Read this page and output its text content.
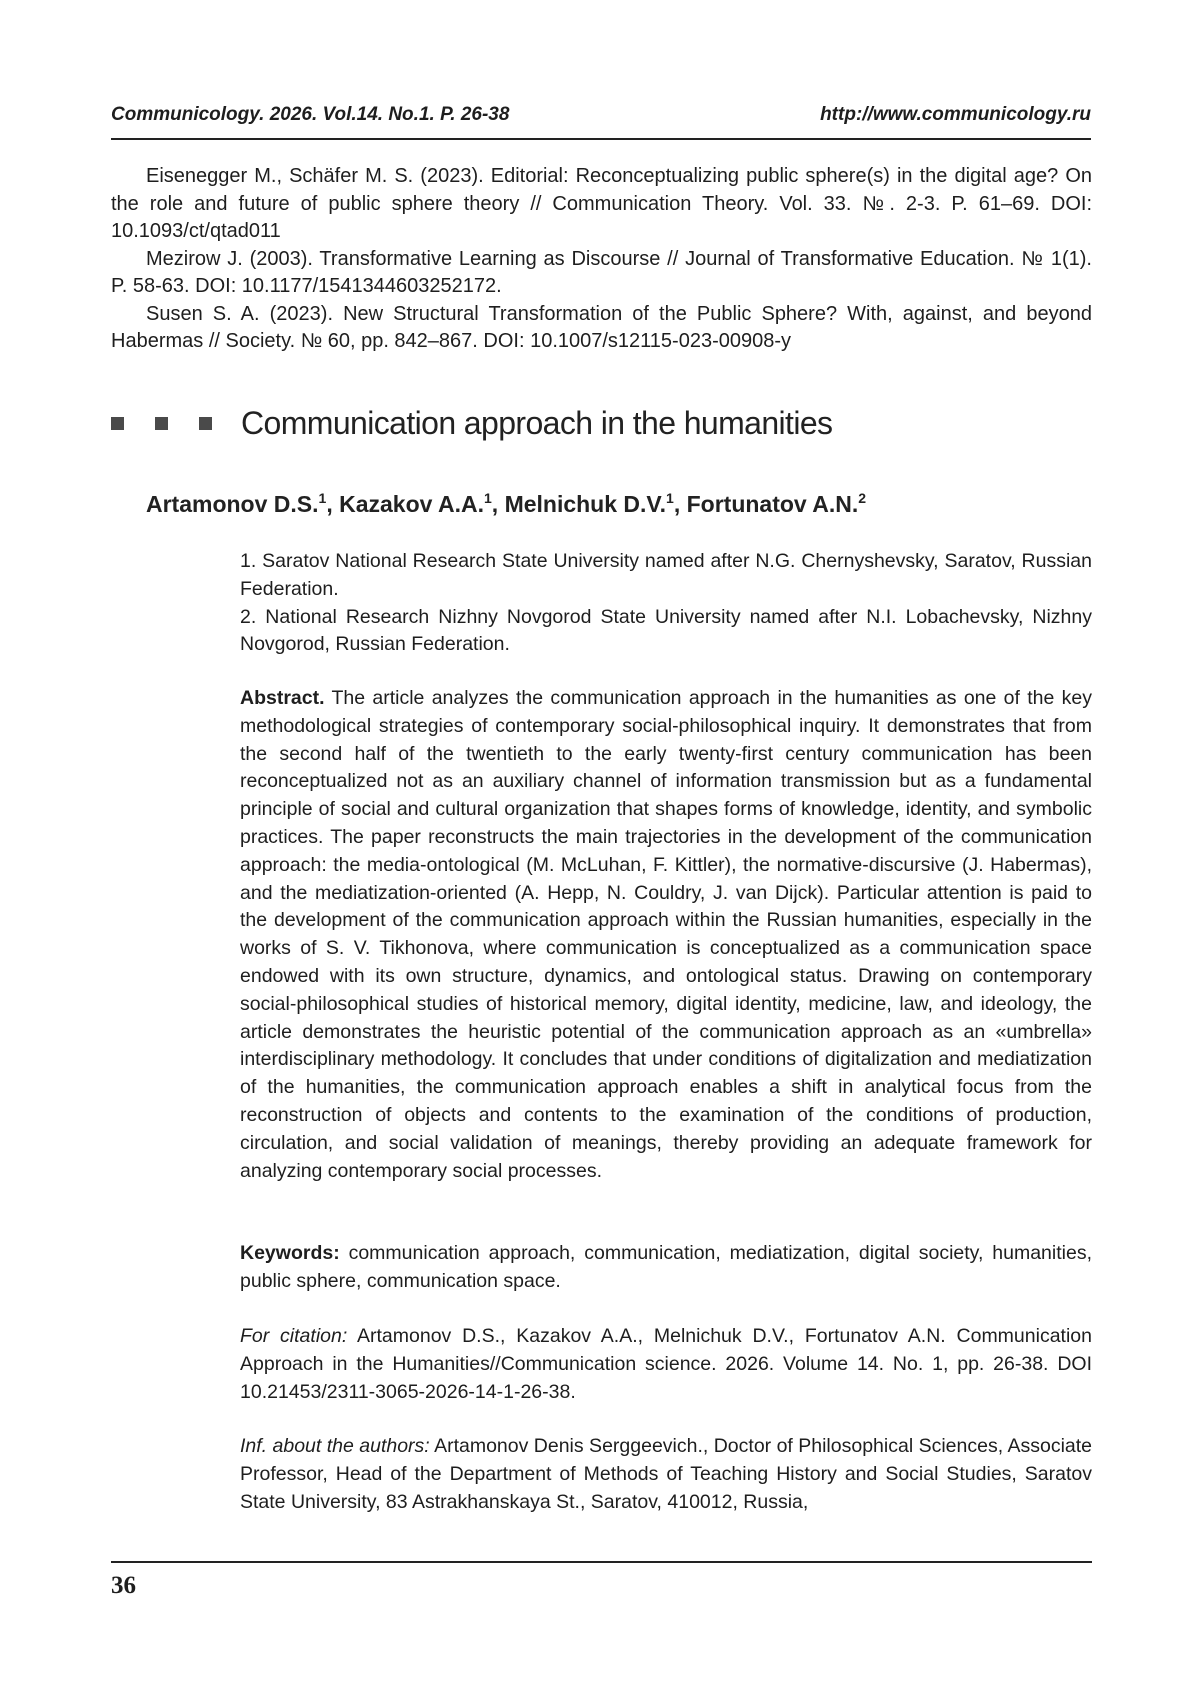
Communicology. 2026. Vol.14. No.1. P. 26-38	http://www.communicology.ru

Eisenegger M., Schäfer M. S. (2023). Editorial: Reconceptualizing public sphere(s) in the digital age? On the role and future of public sphere theory // Communication Theory. Vol. 33. №. 2-3. P. 61–69. DOI: 10.1093/ct/qtad011

Mezirow J. (2003). Transformative Learning as Discourse // Journal of Transformative Education. № 1(1). P. 58-63. DOI: 10.1177/1541344603252172.

Susen S. A. (2023). New Structural Transformation of the Public Sphere? With, against, and beyond Habermas // Society. № 60, pp. 842–867. DOI: 10.1007/s12115-023-00908-y

Communication approach in the humanities
Artamonov D.S.$^1$, Kazakov A.A.$^1$, Melnichuk D.V.$^1$, Fortunatov A.N.$^2$

1. Saratov National Research State University named after N.G. Chernyshevsky, Saratov, Russian Federation.

2. National Research Nizhny Novgorod State University named after N.I. Lobachevsky, Nizhny Novgorod, Russian Federation.

Abstract. The article analyzes the communication approach in the humanities as one of the key methodological strategies of contemporary social-philosophical inquiry. It demonstrates that from the second half of the twentieth to the early twenty-first century communication has been reconceptualized not as an auxiliary channel of information transmission but as a fundamental principle of social and cultural organization that shapes forms of knowledge, identity, and symbolic practices. The paper reconstructs the main trajectories in the development of the communication approach: the media-ontological (M. McLuhan, F. Kittler), the normative-discursive (J. Habermas), and the mediatization-oriented (A. Hepp, N. Couldry, J. van Dijck). Particular attention is paid to the development of the communication approach within the Russian humanities, especially in the works of S. V. Tikhonova, where communication is conceptualized as a communication space endowed with its own structure, dynamics, and ontological status. Drawing on contemporary social-philosophical studies of historical memory, digital identity, medicine, law, and ideology, the article demonstrates the heuristic potential of the communication approach as an «umbrella» interdisciplinary methodology. It concludes that under conditions of digitalization and mediatization of the humanities, the communication approach enables a shift in analytical focus from the reconstruction of objects and contents to the examination of the conditions of production, circulation, and social validation of meanings, thereby providing an adequate framework for analyzing contemporary social processes.

Keywords: communication approach, communication, mediatization, digital society, humanities, public sphere, communication space.

For citation: Artamonov D.S., Kazakov A.A., Melnichuk D.V., Fortunatov A.N. Communication Approach in the Humanities//Communication science. 2026. Volume 14. No. 1, pp. 26-38. DOI 10.21453/2311-3065-2026-14-1-26-38.

Inf. about the authors: Artamonov Denis Serggeevich., Doctor of Philosophical Sciences, Associate Professor, Head of the Department of Methods of Teaching History and Social Studies, Saratov State University, 83 Astrakhanskaya St., Saratov, 410012, Russia,

36
